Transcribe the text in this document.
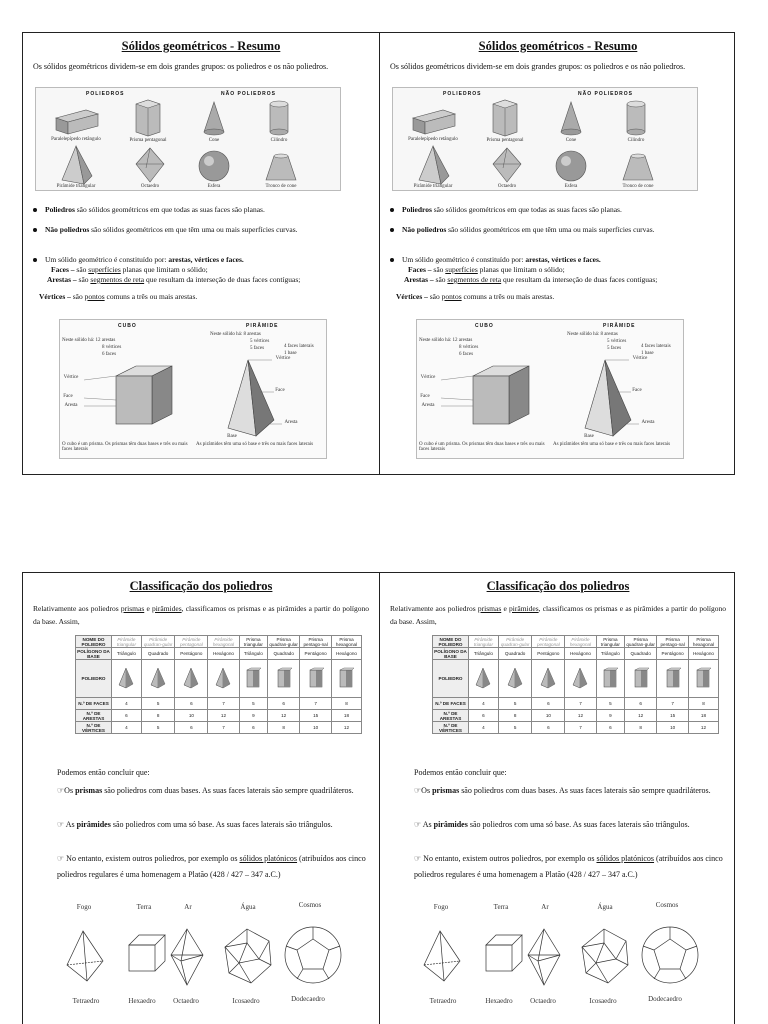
Sólidos geométricos - Resumo
Os sólidos geométricos dividem-se em dois grandes grupos: os poliedros e os não poliedros.
POLIEDROS	NÃO POLIEDROS
Paralelepípedo retângulo	Prisma pentagonal	Cone	Cilindro
Pirâmide triangular	Octaedro	Esfera	Tronco de cone
Poliedros são sólidos geométricos em que todas as suas faces são planas.
Não poliedros são sólidos geométricos em que têm uma ou mais superfícies curvas.
Um sólido geométrico é constituído por: arestas, vértices e faces.
Faces – são superfícies planas que limitam o sólido;
Arestas – são segmentos de reta que resultam da interseção de duas faces contíguas;
Vértices – são pontos comuns a três ou mais arestas.
CUBO	PIRÂMIDE
Neste sólido há: 12 arestas
8 vértices
6 faces
Neste sólido há: 8 arestas
5 vértices
5 faces	4 faces laterais
1 base
Vértice
Face
Aresta
Vértice
Face
Aresta
Base
O cubo é um prisma. Os prismas têm duas bases e três ou mais faces laterais
As pirâmides têm uma só base e três ou mais faces laterais
Sólidos geométricos - Resumo
Os sólidos geométricos dividem-se em dois grandes grupos: os poliedros e os não poliedros.
POLIEDROS	NÃO POLIEDROS
Paralelepípedo retângulo	Prisma pentagonal	Cone	Cilindro
Pirâmide triangular	Octaedro	Esfera	Tronco de cone
Poliedros são sólidos geométricos em que todas as suas faces são planas.
Não poliedros são sólidos geométricos em que têm uma ou mais superfícies curvas.
Um sólido geométrico é constituído por: arestas, vértices e faces.
Faces – são superfícies planas que limitam o sólido;
Arestas – são segmentos de reta que resultam da interseção de duas faces contíguas;
Vértices – são pontos comuns a três ou mais arestas.
CUBO	PIRÂMIDE
Neste sólido há: 12 arestas
8 vértices
6 faces
Neste sólido há: 8 arestas
5 vértices
5 faces	4 faces laterais
1 base
Vértice
Face
Aresta
Vértice
Face
Aresta
Base
O cubo é um prisma. Os prismas têm duas bases e três ou mais faces laterais
As pirâmides têm uma só base e três ou mais faces laterais
Classificação dos poliedros
Relativamente aos poliedros prismas e pirâmides, classificamos os prismas e as pirâmides a partir do polígono da base. Assim,
NOME DO POLIEDRO	Pirâmide triangular	Pirâmide quadran-gular	Pirâmide pentagonal	Pirâmide hexagonal	Prisma triangular	Prisma quadran-gular	Prisma pentago-nal	Prisma hexagonal
POLÍGONO DA BASE	Triângulo	Quadrado	Pentágono	Hexágono	Triângulo	Quadrado	Pentágono	Hexágono
POLIEDRO								
N.º DE FACES	4	5	6	7	5	6	7	8
N.º DE ARESTAS	6	8	10	12	9	12	15	18
N.º DE VÉRTICES	4	5	6	7	6	8	10	12
Podemos então concluir que:
☞Os prismas são poliedros com duas bases. As suas faces laterais são sempre quadriláteros.
☞ As pirâmides são poliedros com uma só base. As suas faces laterais são triângulos.
☞ No entanto, existem outros poliedros, por exemplo os sólidos platónicos (atribuídos aos cinco poliedros regulares é uma homenagem a Platão (428 / 427 – 347 a.C.)
Fogo	Terra	Ar	Água	Cosmos
Tetraedro	Hexaedro	Octaedro	Icosaedro	Dodecaedro
Classificação dos poliedros
Relativamente aos poliedros prismas e pirâmides, classificamos os prismas e as pirâmides a partir do polígono da base. Assim,
NOME DO POLIEDRO	Pirâmide triangular	Pirâmide quadran-gular	Pirâmide pentagonal	Pirâmide hexagonal	Prisma triangular	Prisma quadran-gular	Prisma pentago-nal	Prisma hexagonal
POLÍGONO DA BASE	Triângulo	Quadrado	Pentágono	Hexágono	Triângulo	Quadrado	Pentágono	Hexágono
POLIEDRO								
N.º DE FACES	4	5	6	7	5	6	7	8
N.º DE ARESTAS	6	8	10	12	9	12	15	18
N.º DE VÉRTICES	4	5	6	7	6	8	10	12
Podemos então concluir que:
☞Os prismas são poliedros com duas bases. As suas faces laterais são sempre quadriláteros.
☞ As pirâmides são poliedros com uma só base. As suas faces laterais são triângulos.
☞ No entanto, existem outros poliedros, por exemplo os sólidos platónicos (atribuídos aos cinco poliedros regulares é uma homenagem a Platão (428 / 427 – 347 a.C.)
Fogo	Terra	Ar	Água	Cosmos
Tetraedro	Hexaedro	Octaedro	Icosaedro	Dodecaedro
